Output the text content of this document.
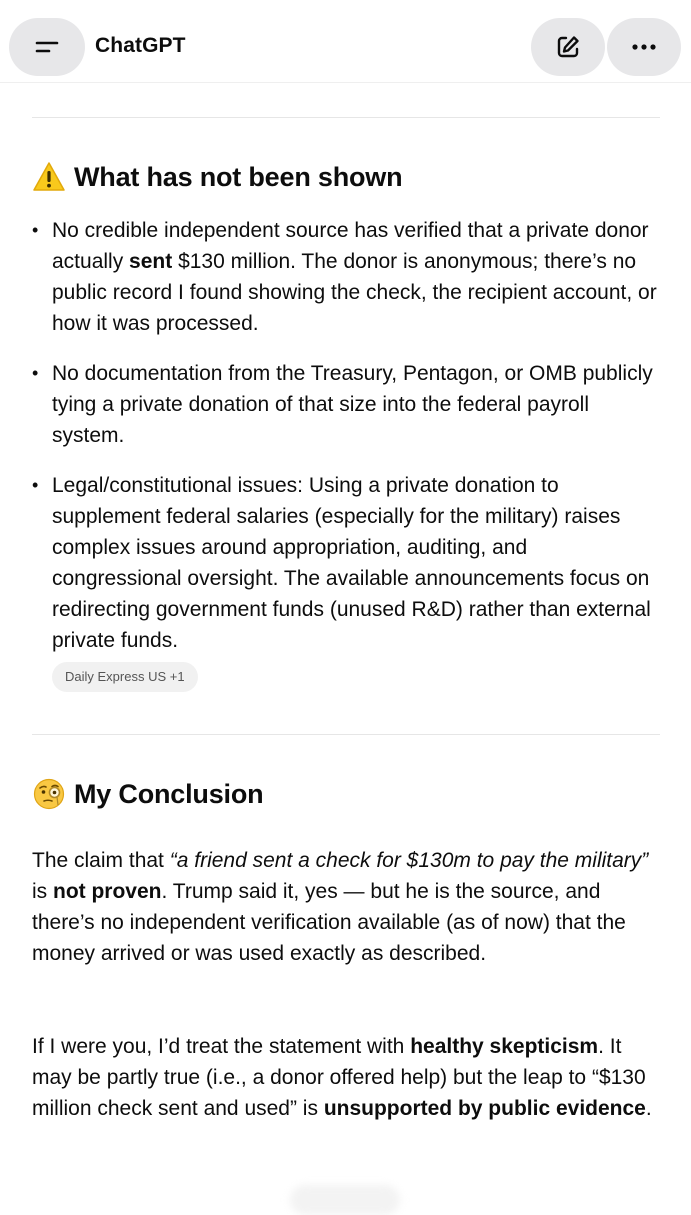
ChatGPT
What has not been shown
• No credible independent source has verified that a private donor actually sent $130 million. The donor is anonymous; there’s no public record I found showing the check, the recipient account, or how it was processed.
• No documentation from the Treasury, Pentagon, or OMB publicly tying a private donation of that size into the federal payroll system.
• Legal/constitutional issues: Using a private donation to supplement federal salaries (especially for the military) raises complex issues around appropriation, auditing, and congressional oversight. The available announcements focus on redirecting government funds (unused R&D) rather than external private funds.
Daily Express US +1
My Conclusion

The claim that “a friend sent a check for $130m to pay the military” is not proven. Trump said it, yes — but he is the source, and there’s no independent verification available (as of now) that the money arrived or was used exactly as described.

If I were you, I’d treat the statement with healthy skepticism. It may be partly true (i.e., a donor offered help) but the leap to “$130 million check sent and used” is unsupported by public evidence.
